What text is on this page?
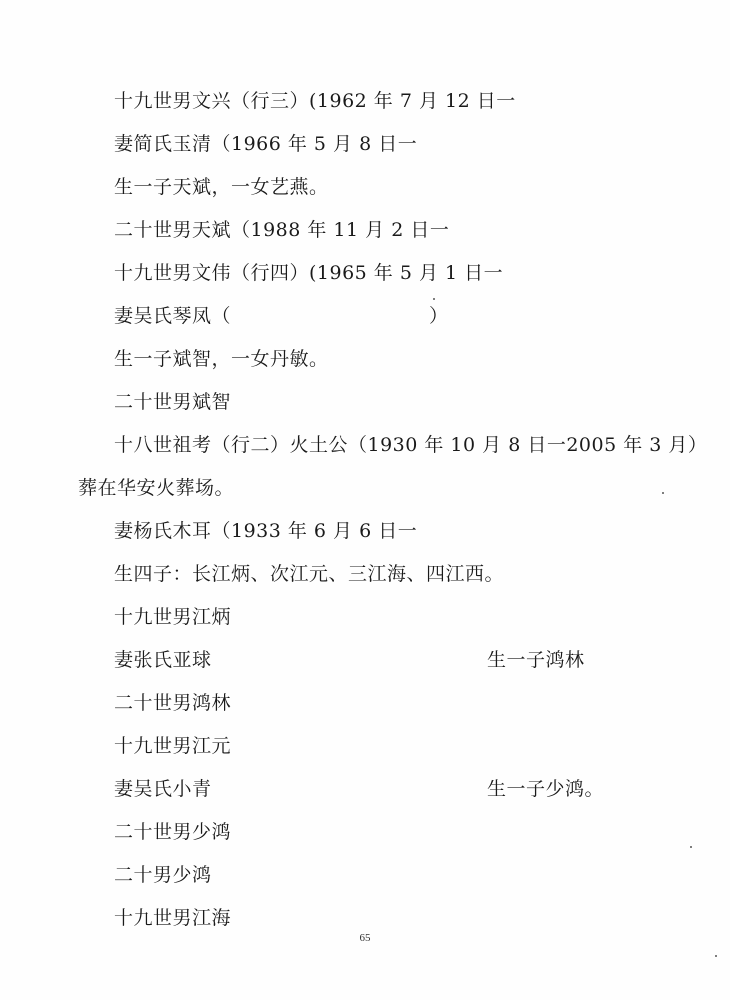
十九世男文兴（行三）(1962 年 7 月 12 日一
妻简氏玉清（1966 年 5 月 8 日一
生一子天斌，一女艺燕。
二十世男天斌（1988 年 11 月 2 日一
十九世男文伟（行四）(1965 年 5 月 1 日一
妻吴氏琴凤（	）
生一子斌智，一女丹敏。
二十世男斌智
十八世祖考（行二）火土公（1930 年 10 月 8 日一2005 年 3 月）
葬在华安火葬场。
妻杨氏木耳（1933 年 6 月 6 日一
生四子：长江炳、次江元、三江海、四江西。
十九世男江炳
妻张氏亚球	生一子鸿林
二十世男鸿林
十九世男江元
妻吴氏小青	生一子少鸿。
二十世男少鸿
二十男少鸿
十九世男江海
65
